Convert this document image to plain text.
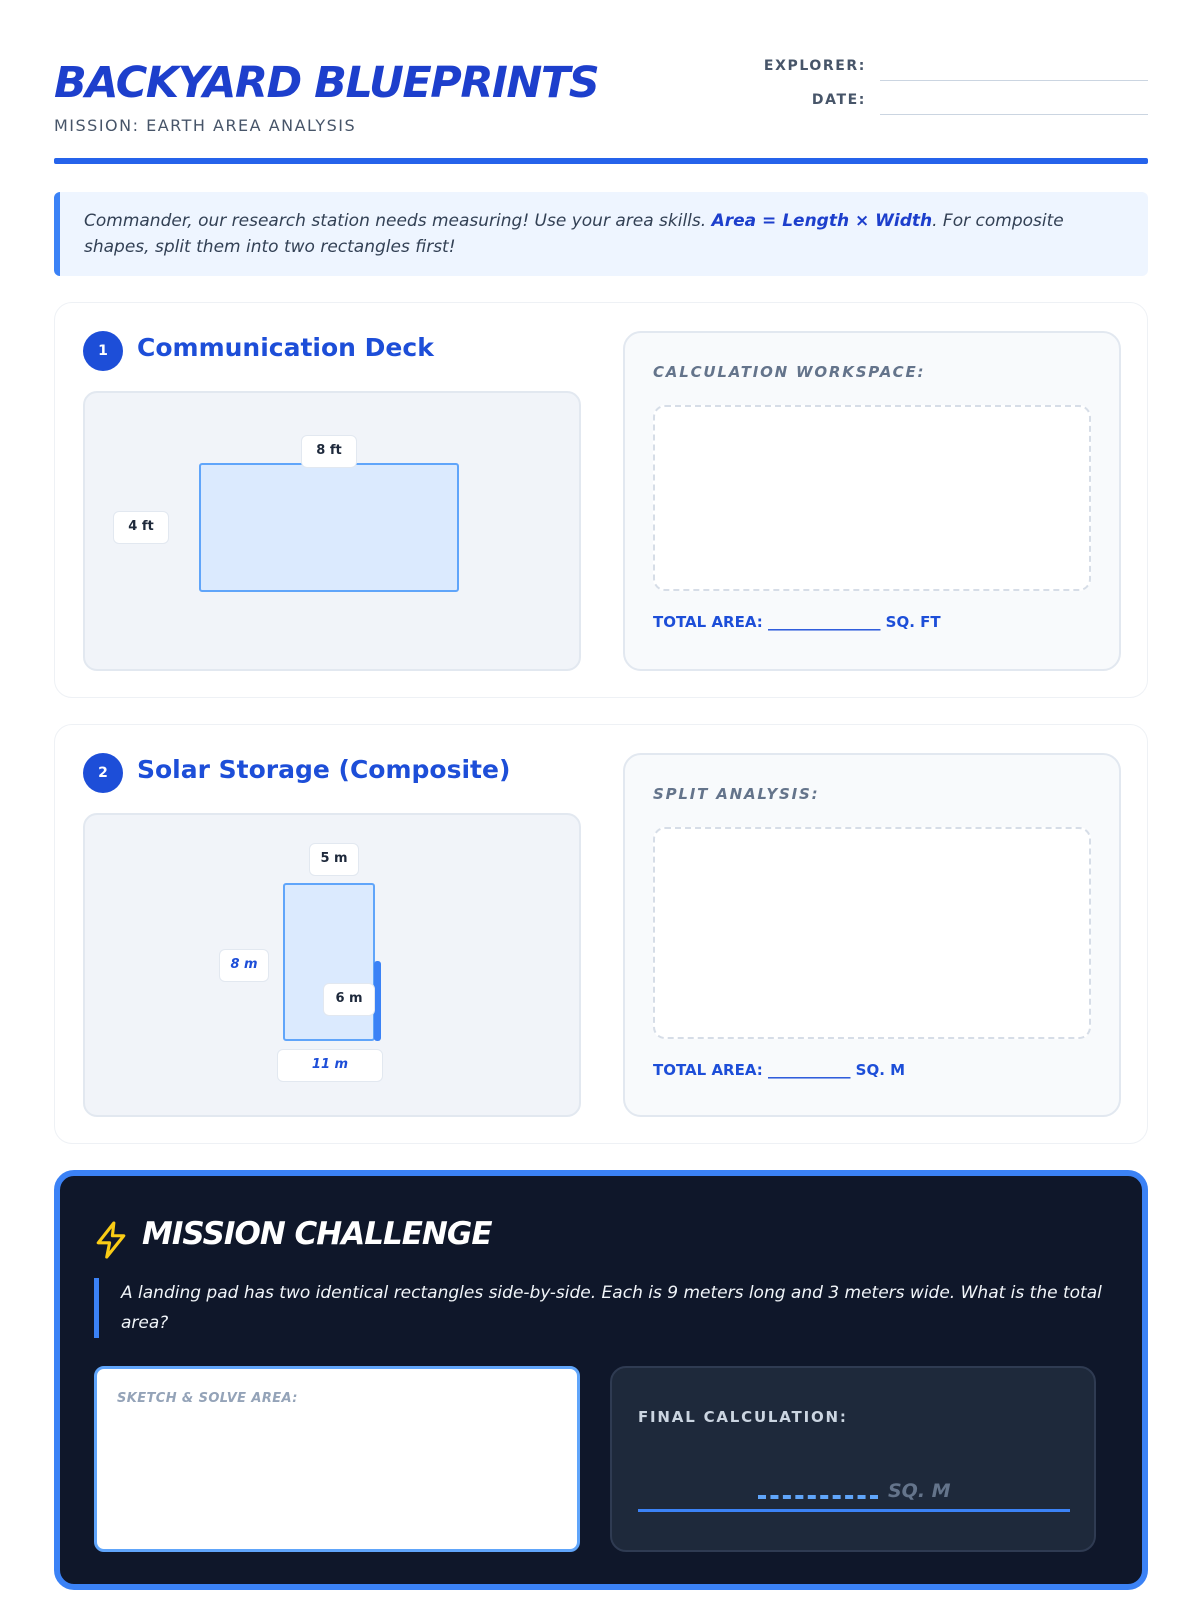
BACKYARD BLUEPRINTS
MISSION: EARTH AREA ANALYSIS
EXPLORER:
DATE:
Commander, our research station needs measuring! Use your area skills. Area = Length × Width. For composite shapes, split them into two rectangles first!
1	Communication Deck
8 ft
4 ft
CALCULATION WORKSPACE:
TOTAL AREA: _______________ SQ. FT
2	Solar Storage (Composite)
5 m
8 m
6 m
11 m
SPLIT ANALYSIS:
TOTAL AREA: ___________ SQ. M
MISSION CHALLENGE
A landing pad has two identical rectangles side-by-side. Each is 9 meters long and 3 meters wide. What is the total area?
SKETCH & SOLVE AREA:
FINAL CALCULATION:
SQ. M
